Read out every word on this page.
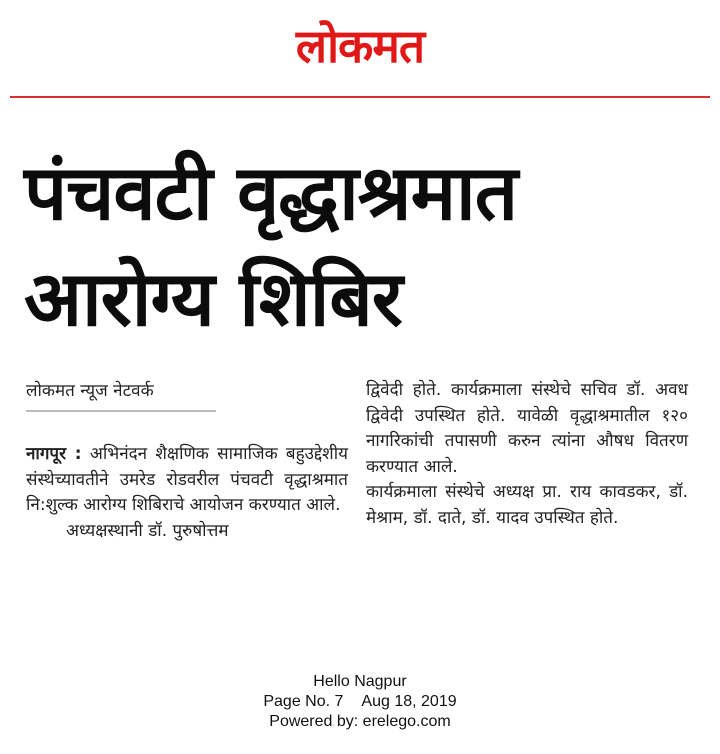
लोकमत
पंचवटी वृद्धाश्रमात
आरोग्य शिबिर
लोकमत न्यूज नेटवर्क

नागपूर : अभिनंदन शैक्षणिक सामाजिक बहुउद्देशीय संस्थेच्यावतीने उमरेड रोडवरील पंचवटी वृद्धाश्रमात नि:शुल्क आरोग्य शिबिराचे आयोजन करण्यात आले.

अध्यक्षस्थानी डॉ. पुरुषोत्तम

द्विवेदी होते. कार्यक्रमाला संस्थेचे सचिव डॉ. अवध द्विवेदी उपस्थित होते. यावेळी वृद्धाश्रमातील १२० नागरिकांची तपासणी करुन त्यांना औषध वितरण करण्यात आले.

कार्यक्रमाला संस्थेचे अध्यक्ष प्रा. राय कावडकर, डॉ. मेश्राम, डॉ. दाते, डॉ. यादव उपस्थित होते.

Hello Nagpur
Page No. 7 Aug 18, 2019
Powered by: erelego.com
